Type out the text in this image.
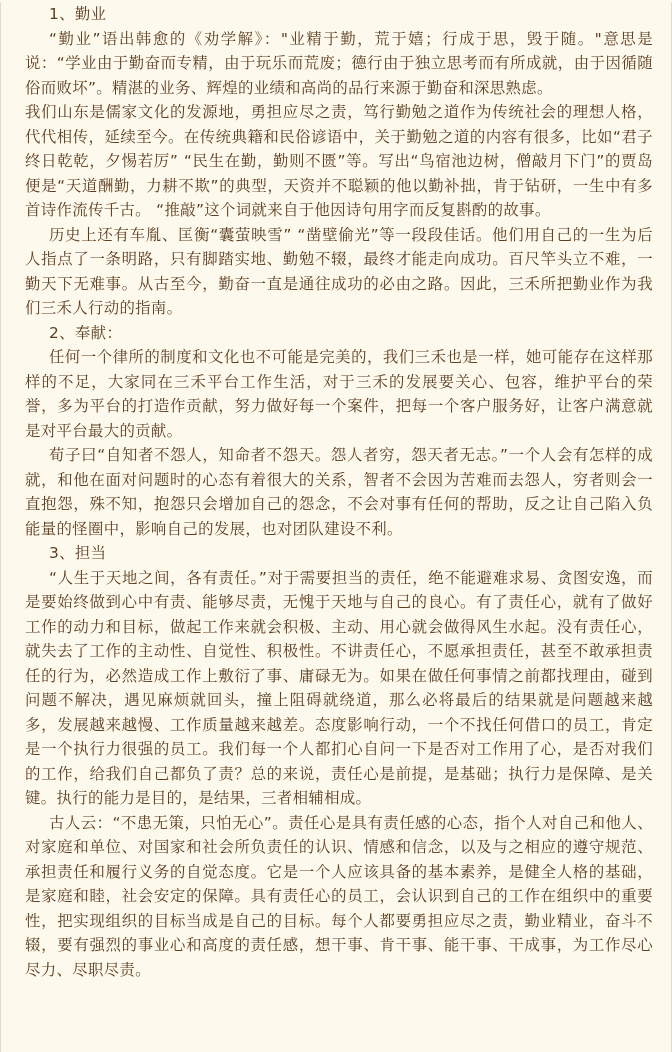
1、勤业

“勤业”语出韩愈的《劝学解》："业精于勤，荒于嬉；行成于思，毁于随。"意思是说：“学业由于勤奋而专精，由于玩乐而荒废；德行由于独立思考而有所成就，由于因循随俗而败坏”。精湛的业务、辉煌的业绩和高尚的品行来源于勤奋和深思熟虑。

我们山东是儒家文化的发源地，勇担应尽之责，笃行勤勉之道作为传统社会的理想人格，代代相传，延续至今。在传统典籍和民俗谚语中，关于勤勉之道的内容有很多，比如“君子终日乾乾，夕惕若厉” “民生在勤，勤则不匮”等。写出“鸟宿池边树，僧敲月下门”的贾岛便是“天道酬勤，力耕不欺”的典型，天资并不聪颖的他以勤补拙，肯于钻研，一生中有多首诗作流传千古。 “推敲”这个词就来自于他因诗句用字而反复斟酌的故事。

历史上还有车胤、匡衡“囊萤映雪” “凿壁偷光”等一段段佳话。他们用自己的一生为后人指点了一条明路，只有脚踏实地、勤勉不辍，最终才能走向成功。百尺竿头立不难，一勤天下无难事。从古至今，勤奋一直是通往成功的必由之路。因此，三禾所把勤业作为我们三禾人行动的指南。

2、奉献：

任何一个律所的制度和文化也不可能是完美的，我们三禾也是一样，她可能存在这样那样的不足，大家同在三禾平台工作生活，对于三禾的发展要关心、包容，维护平台的荣誉，多为平台的打造作贡献，努力做好每一个案件，把每一个客户服务好，让客户满意就是对平台最大的贡献。

荀子曰“自知者不怨人，知命者不怨天。怨人者穷，怨天者无志。”一个人会有怎样的成就，和他在面对问题时的心态有着很大的关系，智者不会因为苦难而去怨人，穷者则会一直抱怨，殊不知，抱怨只会增加自己的怨念，不会对事有任何的帮助，反之让自己陷入负能量的怪圈中，影响自己的发展，也对团队建设不利。

3、担当

“人生于天地之间，各有责任。”对于需要担当的责任，绝不能避难求易、贪图安逸，而是要始终做到心中有责、能够尽责，无愧于天地与自己的良心。有了责任心，就有了做好工作的动力和目标，做起工作来就会积极、主动、用心就会做得风生水起。没有责任心，就失去了工作的主动性、自觉性、积极性。不讲责任心，不愿承担责任，甚至不敢承担责任的行为，必然造成工作上敷衍了事、庸碌无为。如果在做任何事情之前都找理由，碰到问题不解决，遇见麻烦就回头，撞上阻碍就绕道，那么必将最后的结果就是问题越来越多，发展越来越慢、工作质量越来越差。态度影响行动，一个不找任何借口的员工，肯定是一个执行力很强的员工。我们每一个人都扪心自问一下是否对工作用了心，是否对我们的工作，给我们自己都负了责？总的来说，责任心是前提，是基础；执行力是保障、是关键。执行的能力是目的，是结果，三者相辅相成。

古人云：“不患无策，只怕无心”。责任心是具有责任感的心态，指个人对自己和他人、对家庭和单位、对国家和社会所负责任的认识、情感和信念，以及与之相应的遵守规范、承担责任和履行义务的自觉态度。它是一个人应该具备的基本素养，是健全人格的基础，是家庭和睦，社会安定的保障。具有责任心的员工，会认识到自己的工作在组织中的重要性，把实现组织的目标当成是自己的目标。每个人都要勇担应尽之责，勤业精业，奋斗不辍，要有强烈的事业心和高度的责任感，想干事、肯干事、能干事、干成事，为工作尽心尽力、尽职尽责。
